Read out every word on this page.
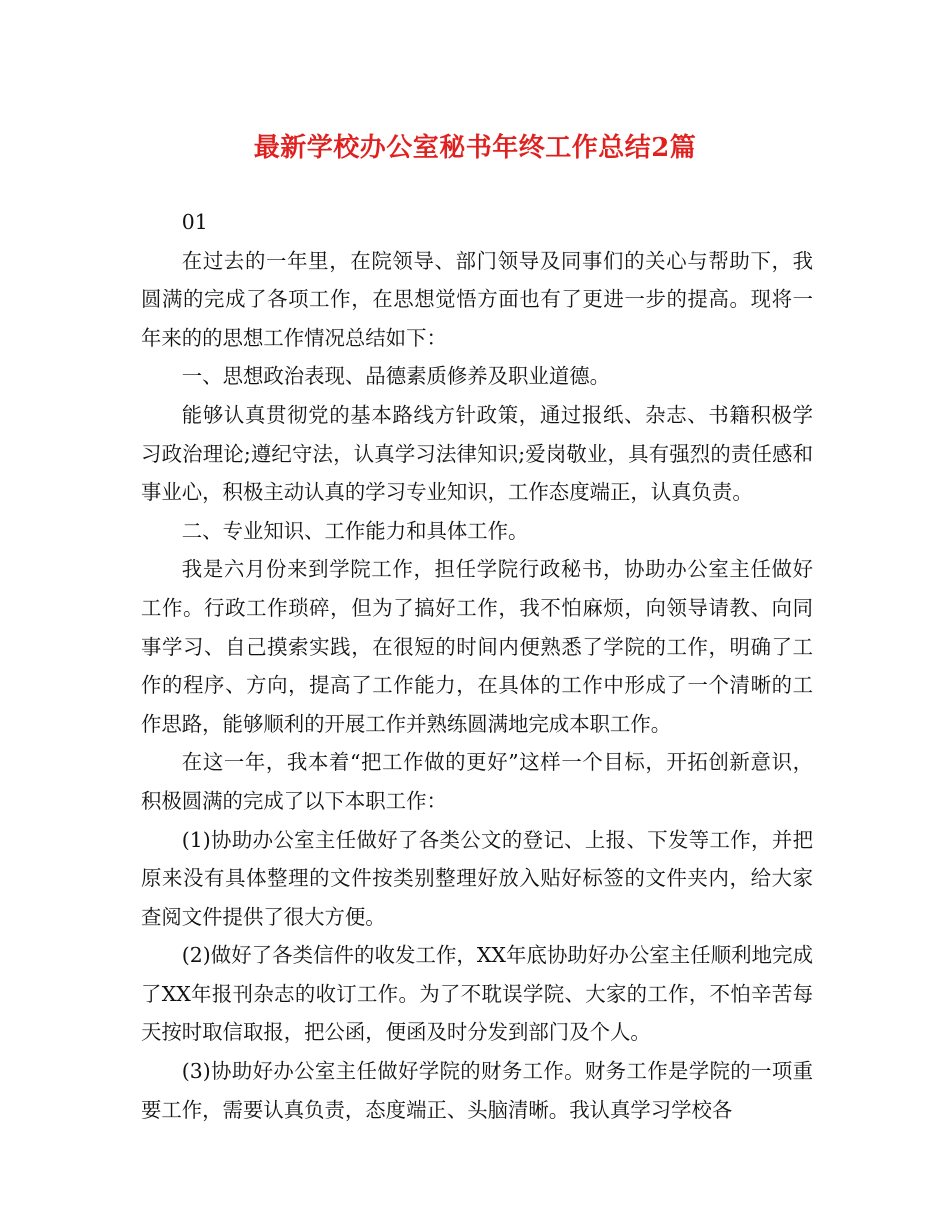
最新学校办公室秘书年终工作总结2篇

01

在过去的一年里，在院领导、部门领导及同事们的关心与帮助下，我圆满的完成了各项工作，在思想觉悟方面也有了更进一步的提高。现将一年来的的思想工作情况总结如下：

一、思想政治表现、品德素质修养及职业道德。

能够认真贯彻党的基本路线方针政策，通过报纸、杂志、书籍积极学习政治理论;遵纪守法，认真学习法律知识;爱岗敬业，具有强烈的责任感和事业心，积极主动认真的学习专业知识，工作态度端正，认真负责。

二、专业知识、工作能力和具体工作。

我是六月份来到学院工作，担任学院行政秘书，协助办公室主任做好工作。行政工作琐碎，但为了搞好工作，我不怕麻烦，向领导请教、向同事学习、自己摸索实践，在很短的时间内便熟悉了学院的工作，明确了工作的程序、方向，提高了工作能力，在具体的工作中形成了一个清晰的工作思路，能够顺利的开展工作并熟练圆满地完成本职工作。

在这一年，我本着“把工作做的更好”这样一个目标，开拓创新意识，积极圆满的完成了以下本职工作：

(1)协助办公室主任做好了各类公文的登记、上报、下发等工作，并把原来没有具体整理的文件按类别整理好放入贴好标签的文件夹内，给大家查阅文件提供了很大方便。

(2)做好了各类信件的收发工作，XX年底协助好办公室主任顺利地完成了XX年报刊杂志的收订工作。为了不耽误学院、大家的工作，不怕辛苦每天按时取信取报，把公函，便函及时分发到部门及个人。

(3)协助好办公室主任做好学院的财务工作。财务工作是学院的一项重要工作，需要认真负责，态度端正、头脑清晰。我认真学习学校各
